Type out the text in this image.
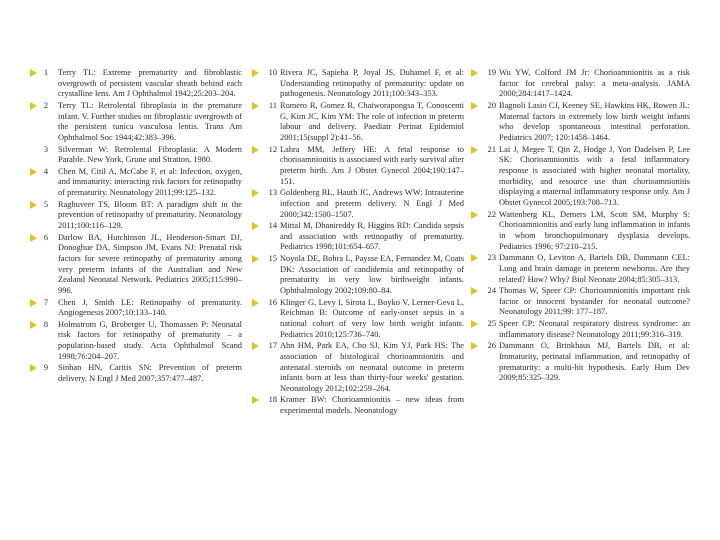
1 Terry TL: Extreme prematurity and fibroblastic overgrowth of persistent vascular sheath behind each crystalline lens. Am J Ophthalmol 1942;25:203–204.
2 Terry TL: Retrolental fibroplasia in the premature infant. V. Further studies on fibroplastic overgrowth of the persistent tunica vasculosa lentis. Trans Am Ophthalmol Soc 1944;42:383–396.
3 Silverman W: Retrolental Fibroplasia: A Modern Parable. New York, Grune and Stratton, 1980.
4 Chen M, Citil A, McCabe F, et al: Infection, oxygen, and immaturity: interacting risk factors for retinopathy of prematurity. Neonatology 2011;99:125–132.
5 Raghuveer TS, Bloom BT: A paradigm shift in the prevention of retinopathy of prematurity. Neonatology 2011;100:116–129.
6 Darlow BA, Hutchinson JL, Henderson-Smart DJ, Donoghue DA, Simpson JM, Evans NJ: Prenatal risk factors for severe retinopathy of prematurity among very preterm infants of the Australian and New Zealand Neonatal Network. Pediatrics 2005;115:990–996.
7 Chen J, Smith LE: Retinopathy of prematurity. Angiogenesis 2007;10:133–140.
8 Holmstrom G, Broberger U, Thomassen P: Neonatal risk factors for retinopathy of prematurity – a population-based study. Acta Ophthalmol Scand 1998;76:204–207.
9 Sinhan HN, Caritis SN: Prevention of preterm delivery. N Engl J Med 2007;357:477–487.
10 Rivera JC, Sapieha P, Joyal JS, Duhamel F, et al: Understanding retinopathy of prematurity: update on pathogenesis. Neonatology 2011;100:343–353.
11 Romero R, Gomez R, Chaiworapongsa T, Conoscenti G, Kim JC, Kim YM: The role of infection in preterm labour and delivery. Paediatr Perinat Epidemiol 2001;15(suppl 2):41–56.
12 Lahra MM, Jeffery HE: A fetal response to chorioamnionitis is associated with early survival after preterm birth. Am J Obstet Gynecol 2004;190:147–151.
13 Goldenberg RL, Hauth JC, Andrews WW: Intrauterine infection and preterm delivery. N Engl J Med 2000;342:1500–1507.
14 Mittal M, Dhanireddy R, Higgins RD: Candida sepsis and association with retinopathy of prematurity. Pediatrics 1998;101:654–657.
15 Noyola DE, Bohra L, Paysse EA, Fernandez M, Coats DK: Association of candidemia and retinopathy of prematurity in very low birthweight infants. Ophthalmology 2002;109:80–84.
16 Klinger G, Levy I, Sirota L, Boyko V, Lerner-Geva L, Reichman B: Outcome of early-onset sepsis in a national cohort of very low birth weight infants. Pediatrics 2010;125:736–740.
17 Ahn HM, Park EA, Cho SJ, Kim YJ, Park HS: The association of histological chorioamnionitis and antenatal steroids on neonatal outcome in preterm infants born at less than thirty-four weeks' gestation. Neonatology 2012;102:259–264.
18 Kramer BW: Chorioamnionitis – new ideas from experimental models. Neonatology
19 Wu YW, Colford JM Jr: Chorioamnionitis as a risk factor for cerebral palsy: a meta-analysis. JAMA 2000;284:1417–1424.
20 Bagnoli Lasio CJ, Keeney SE, Hawkins HK, Rowen JL: Maternal factors in extremely low birth weight infants who develop spontaneous intestinal perforation. Pediatrics 2007; 120:1458–1464.
21 Lai J, Megee T, Qin Z, Hodge J, Yon Dadelsen P, Lee SK: Chorioamnionitis with a fetal inflammatory response is associated with higher neonatal mortality, morbidity, and resource use than chorioamnionitis displaying a maternal inflammatory response only. Am J Obstet Gynecol 2005;193:708–713.
22 Wattenberg KL, Demers LM, Scott SM, Murphy S: Chorioamnionitis and early lung inflammation in infants in whom bronchopulmonary dysplasia develops. Pediatrics 1996; 97:210–215.
23 Dammann O, Leviton A, Bartels DB, Dammann CEL: Lung and brain damage in preterm newborns. Are they related? How? Why? Biol Neonate 2004;85:305–313.
24 Thomas W, Speer CP: Chorioamnionitis important risk factor or innocent bystander for neonatal outcome? Neonatology 2011;99: 177–187.
25 Speer CP: Neonatal respiratory distress syndrome: an inflammatory disease? Neonatology 2011;99:316–319.
26 Dammann O, Brinkhaus MJ, Bartels DB, et al: Immaturity, perinatal inflammation, and retinopathy of prematurity: a multi-hit hypothesis. Early Hum Dev 2009;85:325–329.
